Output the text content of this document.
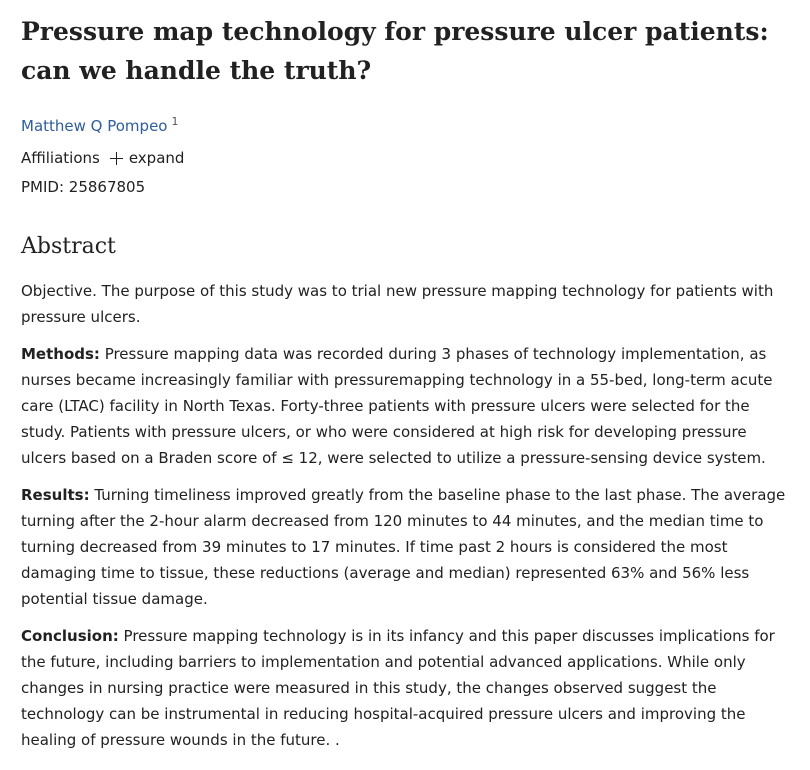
Pressure map technology for pressure ulcer patients:
can we handle the truth?
Matthew Q Pompeo $^1$
Affiliations expand
PMID: 25867805
Abstract

Objective. The purpose of this study was to trial new pressure mapping technology for patients with pressure ulcers.

Methods: Pressure mapping data was recorded during 3 phases of technology implementation, as nurses became increasingly familiar with pressuremapping technology in a 55-bed, long-term acute care (LTAC) facility in North Texas. Forty-three patients with pressure ulcers were selected for the study. Patients with pressure ulcers, or who were considered at high risk for developing pressure ulcers based on a Braden score of ≤ 12, were selected to utilize a pressure-sensing device system.

Results: Turning timeliness improved greatly from the baseline phase to the last phase. The average turning after the 2-hour alarm decreased from 120 minutes to 44 minutes, and the median time to turning decreased from 39 minutes to 17 minutes. If time past 2 hours is considered the most damaging time to tissue, these reductions (average and median) represented 63% and 56% less potential tissue damage.

Conclusion: Pressure mapping technology is in its infancy and this paper discusses implications for the future, including barriers to implementation and potential advanced applications. While only changes in nursing practice were measured in this study, the changes observed suggest the technology can be instrumental in reducing hospital-acquired pressure ulcers and improving the healing of pressure wounds in the future. .
